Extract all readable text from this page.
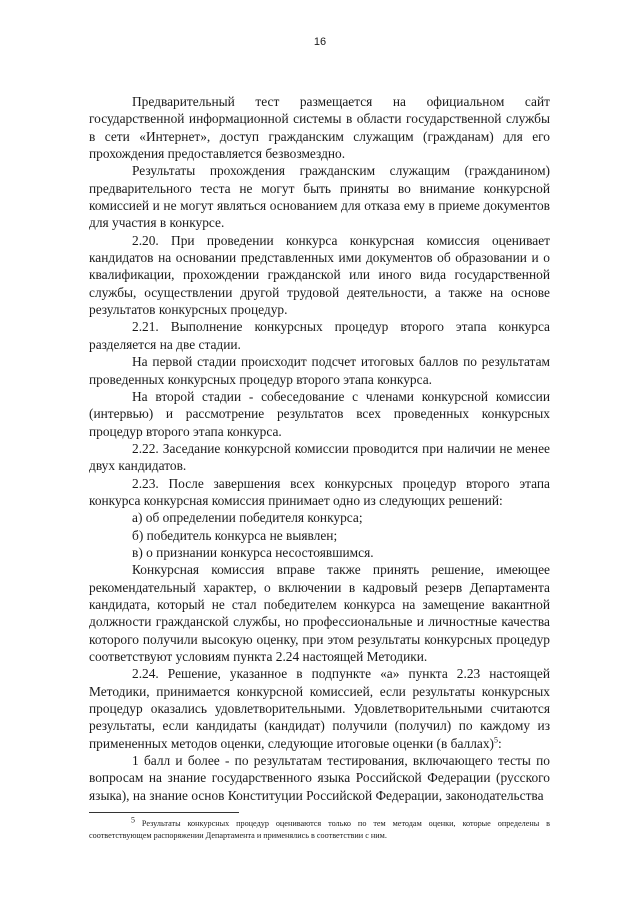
16

Предварительный тест размещается на официальном сайт государственной информационной системы в области государственной службы в сети «Интернет», доступ гражданским служащим (гражданам) для его прохождения предоставляется безвозмездно.

Результаты прохождения гражданским служащим (гражданином) предварительного теста не могут быть приняты во внимание конкурсной комиссией и не могут являться основанием для отказа ему в приеме документов для участия в конкурсе.

2.20. При проведении конкурса конкурсная комиссия оценивает кандидатов на основании представленных ими документов об образовании и о квалификации, прохождении гражданской или иного вида государственной службы, осуществлении другой трудовой деятельности, а также на основе результатов конкурсных процедур.

2.21. Выполнение конкурсных процедур второго этапа конкурса разделяется на две стадии.

На первой стадии происходит подсчет итоговых баллов по результатам проведенных конкурсных процедур второго этапа конкурса.

На второй стадии - собеседование с членами конкурсной комиссии (интервью) и рассмотрение результатов всех проведенных конкурсных процедур второго этапа конкурса.

2.22. Заседание конкурсной комиссии проводится при наличии не менее двух кандидатов.

2.23. После завершения всех конкурсных процедур второго этапа конкурса конкурсная комиссия принимает одно из следующих решений:

а) об определении победителя конкурса;

б) победитель конкурса не выявлен;

в) о признании конкурса несостоявшимся.

Конкурсная комиссия вправе также принять решение, имеющее рекомендательный характер, о включении в кадровый резерв Департамента кандидата, который не стал победителем конкурса на замещение вакантной должности гражданской службы, но профессиональные и личностные качества которого получили высокую оценку, при этом результаты конкурсных процедур соответствуют условиям пункта 2.24 настоящей Методики.

2.24. Решение, указанное в подпункте «а» пункта 2.23 настоящей Методики, принимается конкурсной комиссией, если результаты конкурсных процедур оказались удовлетворительными. Удовлетворительными считаются результаты, если кандидаты (кандидат) получили (получил) по каждому из примененных методов оценки, следующие итоговые оценки (в баллах)$^5$:

1 балл и более - по результатам тестирования, включающего тесты по вопросам на знание государственного языка Российской Федерации (русского языка), на знание основ Конституции Российской Федерации, законодательства

$^5$ Результаты конкурсных процедур оцениваются только по тем методам оценки, которые определены в соответствующем распоряжении Департамента и применялись в соответствии с ним.
